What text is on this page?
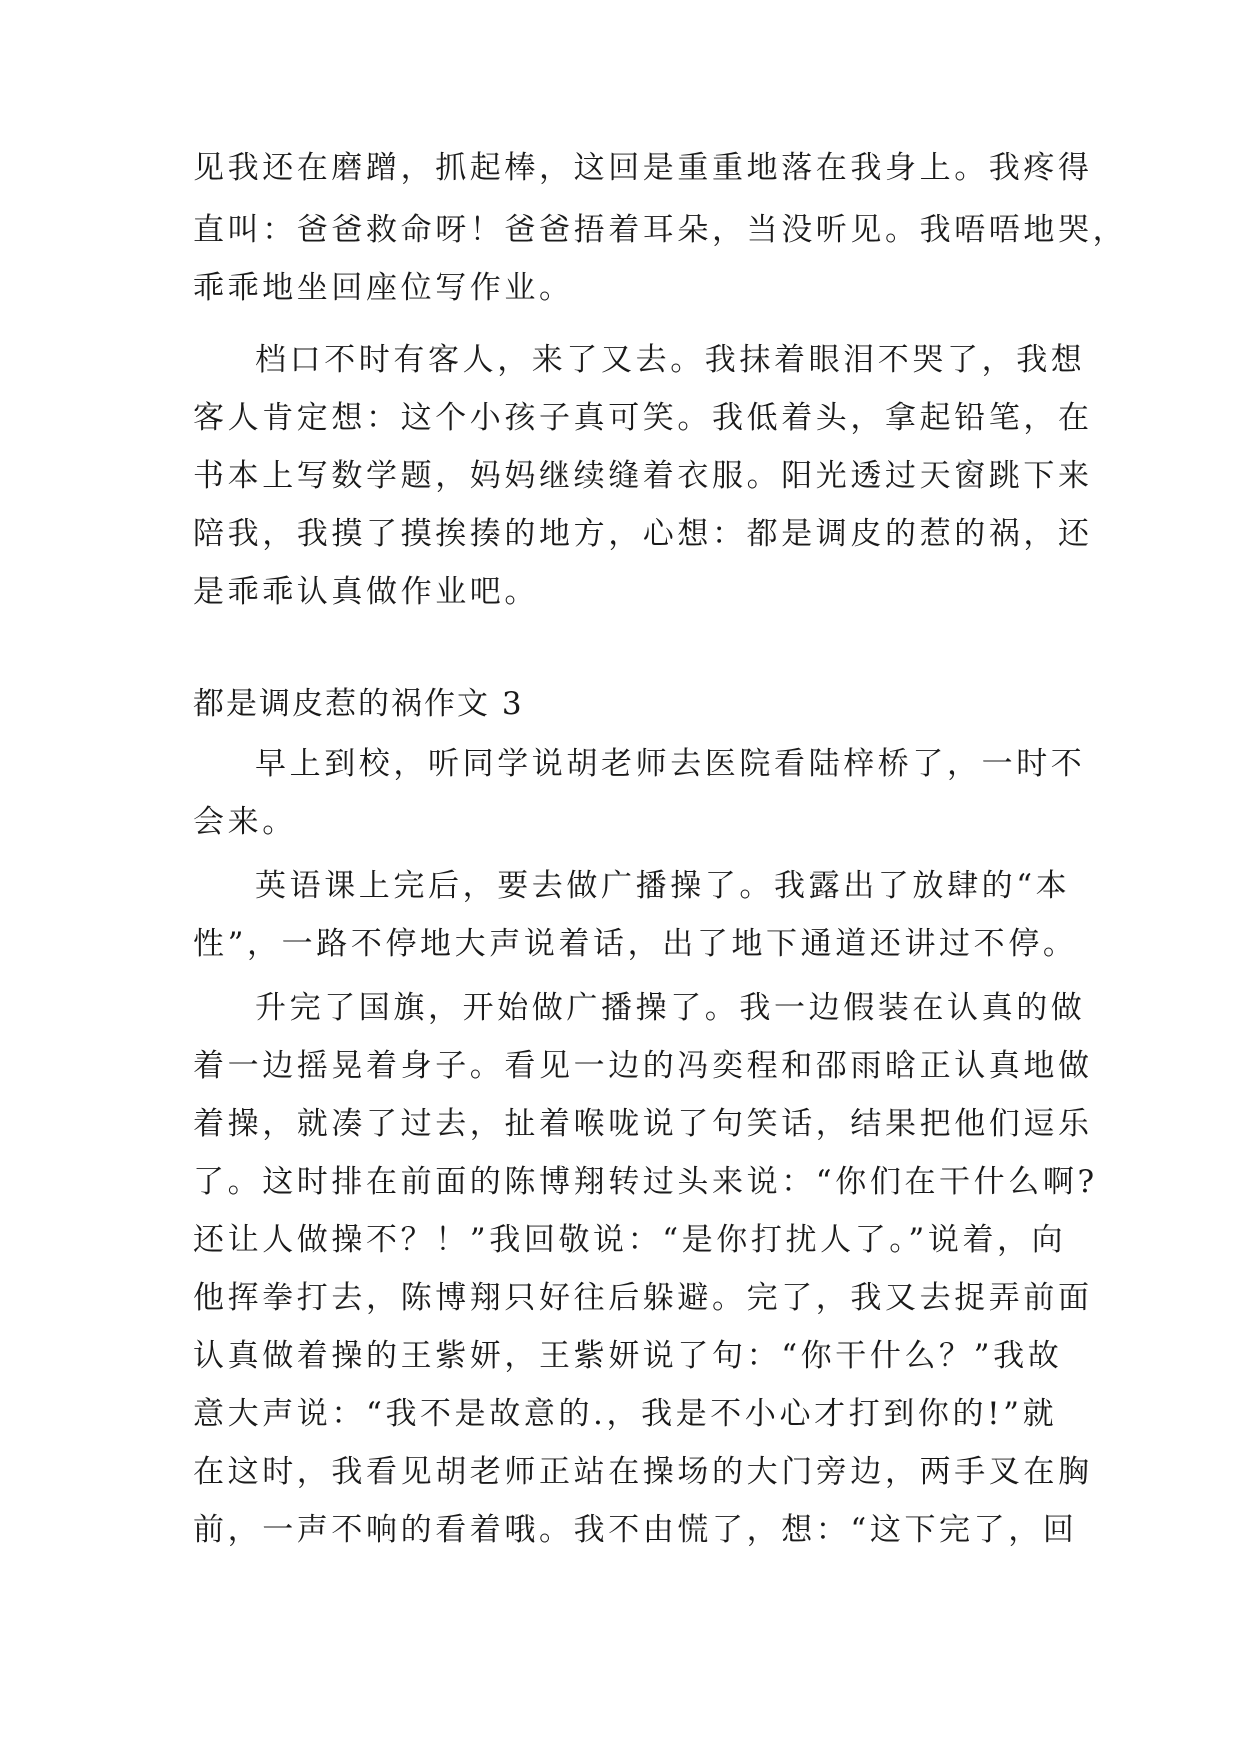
见我还在磨蹭，抓起棒，这回是重重地落在我身上。我疼得
直叫：爸爸救命呀！爸爸捂着耳朵，当没听见。我唔唔地哭，
乖乖地坐回座位写作业。
档口不时有客人，来了又去。我抹着眼泪不哭了，我想
客人肯定想：这个小孩子真可笑。我低着头，拿起铅笔，在
书本上写数学题，妈妈继续缝着衣服。阳光透过天窗跳下来
陪我，我摸了摸挨揍的地方，心想：都是调皮的惹的祸，还
是乖乖认真做作业吧。
都是调皮惹的祸作文 3
早上到校，听同学说胡老师去医院看陆梓桥了，一时不
会来。
英语课上完后，要去做广播操了。我露出了放肆的“本
性”，一路不停地大声说着话，出了地下通道还讲过不停。
升完了国旗，开始做广播操了。我一边假装在认真的做
着一边摇晃着身子。看见一边的冯奕程和邵雨晗正认真地做
着操，就凑了过去，扯着喉咙说了句笑话，结果把他们逗乐
了。这时排在前面的陈博翔转过头来说：“你们在干什么啊?
还让人做操不？！”我回敬说：“是你打扰人了。”说着，向
他挥拳打去，陈博翔只好往后躲避。完了，我又去捉弄前面
认真做着操的王紫妍，王紫妍说了句：“你干什么？”我故
意大声说：“我不是故意的.，我是不小心才打到你的!”就
在这时，我看见胡老师正站在操场的大门旁边，两手叉在胸
前，一声不响的看着哦。我不由慌了，想：“这下完了，回
